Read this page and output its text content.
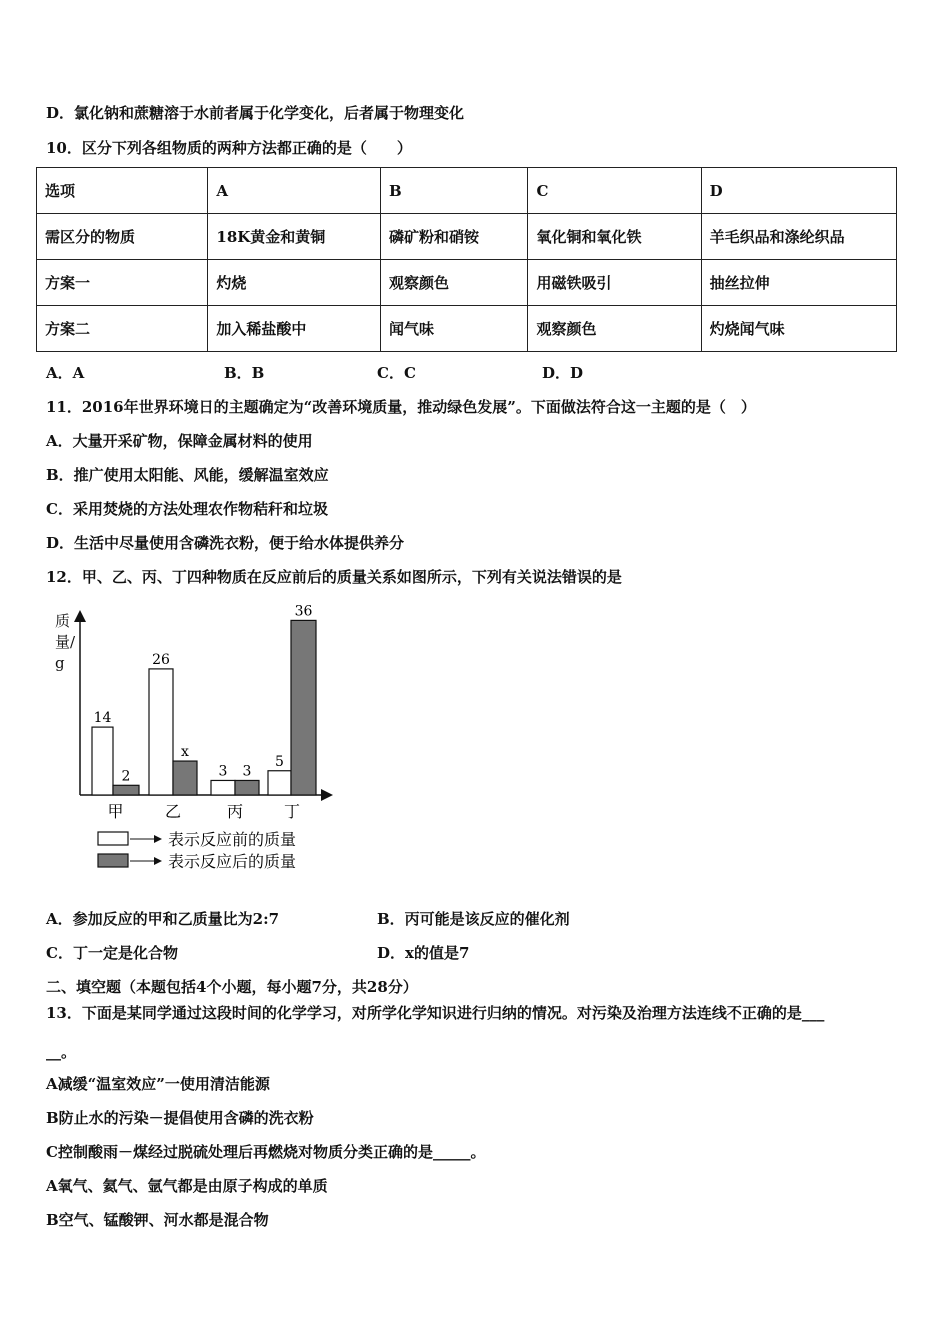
D．氯化钠和蔗糖溶于水前者属于化学变化，后者属于物理变化
10．区分下列各组物质的两种方法都正确的是（　　）
选项	A	B	C	D
需区分的物质	18K黄金和黄铜	磷矿粉和硝铵	氧化铜和氧化铁	羊毛织品和涤纶织品
方案一	灼烧	观察颜色	用磁铁吸引	抽丝拉伸
方案二	加入稀盐酸中	闻气味	观察颜色	灼烧闻气味
A．A	B．B	C．C	D．D
11．2016年世界环境日的主题确定为“改善环境质量，推动绿色发展”。下面做法符合这一主题的是（　）
A．大量开采矿物，保障金属材料的使用
B．推广使用太阳能、风能，缓解温室效应
C．采用焚烧的方法处理农作物秸秆和垃圾
D．生活中尽量使用含磷洗衣粉，便于给水体提供养分
12．甲、乙、丙、丁四种物质在反应前后的质量关系如图所示，下列有关说法错误的是
14
2
甲
26
x
乙
3 3
丙
5
36
丁
表示反应前的质量
表示反应后的质量
质量/g
A．参加反应的甲和乙质量比为2:7	B．丙可能是该反应的催化剂
C．丁一定是化合物	D．x的值是7
二、填空题（本题包括4个小题，每小题7分，共28分）
13．下面是某同学通过这段时间的化学学习，对所学化学知识进行归纳的情况。对污染及治理方法连线不正确的是___
__。
A减缓“温室效应”一使用清洁能源
B防止水的污染－提倡使用含磷的洗衣粉
C控制酸雨－煤经过脱硫处理后再燃烧对物质分类正确的是_____。
A氧气、氦气、氩气都是由原子构成的单质
B空气、锰酸钾、河水都是混合物
